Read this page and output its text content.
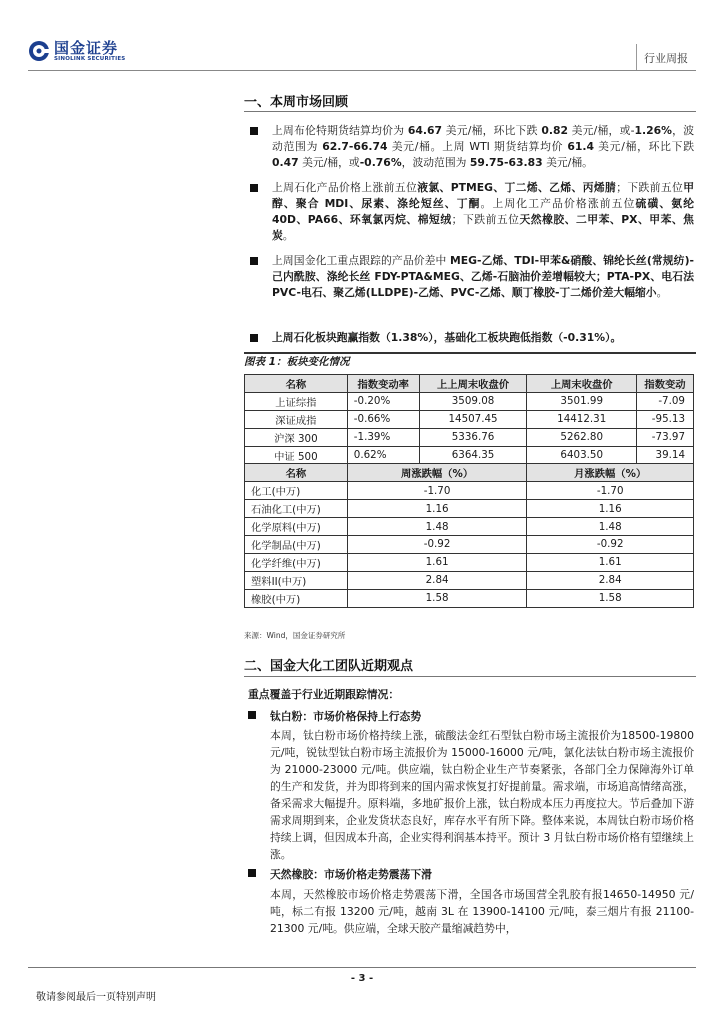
国金证券
SINOLINK SECURITIES	行业周报
一、本周市场回顾
上周布伦特期货结算均价为 64.67 美元/桶，环比下跌 0.82 美元/桶，或-1.26%，波动范围为 62.7-66.74 美元/桶。上周 WTI 期货结算均价 61.4 美元/桶，环比下跌 0.47 美元/桶，或-0.76%，波动范围为 59.75-63.83 美元/桶。
上周石化产品价格上涨前五位液氯、PTMEG、丁二烯、乙烯、丙烯腈；下跌前五位甲醇、聚合 MDI、尿素、涤纶短丝、丁酮。上周化工产品价格涨前五位硫磺、氨纶 40D、PA66、环氧氯丙烷、棉短绒；下跌前五位天然橡胶、二甲苯、PX、甲苯、焦炭。
上周国金化工重点跟踪的产品价差中 MEG-乙烯、TDI-甲苯&硝酸、锦纶长丝(常规纺)-己内酰胺、涤纶长丝 FDY-PTA&MEG、乙烯-石脑油价差增幅较大；PTA-PX、电石法 PVC-电石、聚乙烯(LLDPE)-乙烯、PVC-乙烯、顺丁橡胶-丁二烯价差大幅缩小。
上周石化板块跑赢指数（1.38%），基础化工板块跑低指数（-0.31%）。
图表 1：板块变化情况
名称	指数变动率	上上周末收盘价	上周末收盘价	指数变动
上证综指	-0.20%	3509.08	3501.99	-7.09
深证成指	-0.66%	14507.45	14412.31	-95.13
沪深 300	-1.39%	5336.76	5262.80	-73.97
中证 500	0.62%	6364.35	6403.50	39.14
名称	周涨跌幅（%）		月涨跌幅（%）	
化工(中万)	-1.70		-1.70	
石油化工(中万)	1.16		1.16	
化学原料(中万)	1.48		1.48	
化学制品(中万)	-0.92		-0.92	
化学纤维(中万)	1.61		1.61	
塑料II(中万)	2.84		2.84	
橡胶(中万)	1.58		1.58	
来源：Wind，国金证券研究所
二、国金大化工团队近期观点
重点覆盖于行业近期跟踪情况：
钛白粉：市场价格保持上行态势
本周，钛白粉市场价格持续上涨，硫酸法金红石型钛白粉市场主流报价为18500-19800 元/吨，锐钛型钛白粉市场主流报价为 15000-16000 元/吨，氯化法钛白粉市场主流报价为 21000-23000 元/吨。供应端，钛白粉企业生产节奏紧张，各部门全力保障海外订单的生产和发货，并为即将到来的国内需求恢复打好提前量。需求端，市场追高情绪高涨，备采需求大幅提升。原料端，多地矿报价上涨，钛白粉成本压力再度拉大。节后叠加下游需求周期到来，企业发货状态良好，库存水平有所下降。整体来说，本周钛白粉市场价格持续上调，但因成本升高，企业实得利润基本持平。预计 3 月钛白粉市场价格有望继续上涨。
天然橡胶：市场价格走势震荡下滑
本周，天然橡胶市场价格走势震荡下滑，全国各市场国营全乳胶有报14650-14950 元/吨，标二有报 13200 元/吨，越南 3L 在 13900-14100 元/吨，泰三烟片有报 21100-21300 元/吨。供应端，全球天胶产量缩减趋势中，
- 3 -
敬请参阅最后一页特别声明
